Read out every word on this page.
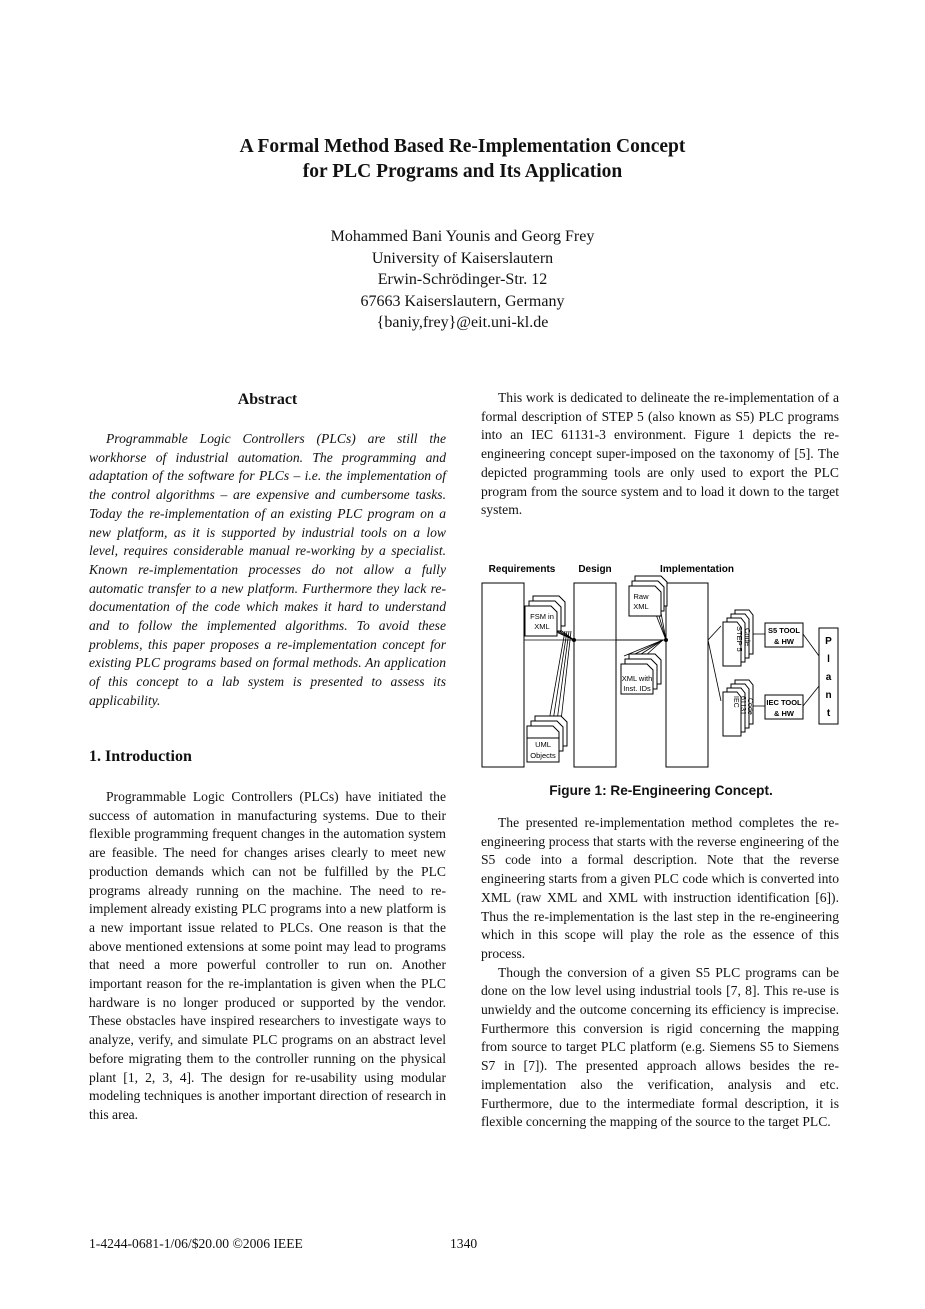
A Formal Method Based Re-Implementation Concept
for PLC Programs and Its Application
Mohammed Bani Younis and Georg Frey
University of Kaiserslautern
Erwin-Schrödinger-Str. 12
67663 Kaiserslautern, Germany
{baniy,frey}@eit.uni-kl.de
Abstract

Programmable Logic Controllers (PLCs) are still the workhorse of industrial automation. The programming and adaptation of the software for PLCs – i.e. the implementation of the control algorithms – are expensive and cumbersome tasks. Today the re-implementation of an existing PLC program on a new platform, as it is supported by industrial tools on a low level, requires considerable manual re-working by a specialist. Known re-implementation processes do not allow a fully automatic transfer to a new platform. Furthermore they lack re-documentation of the code which makes it hard to understand and to follow the implemented algorithms. To avoid these problems, this paper proposes a re-implementation concept for existing PLC programs based on formal methods. An application of this concept to a lab system is presented to assess its applicability.

1. Introduction

Programmable Logic Controllers (PLCs) have initiated the success of automation in manufacturing systems. Due to their flexible programming frequent changes in the automation system are feasible. The need for changes arises clearly to meet new production demands which can not be fulfilled by the PLC programs already running on the machine. The need to re-implement already existing PLC programs into a new platform is a new important issue related to PLCs. One reason is that the above mentioned extensions at some point may lead to programs that need a more powerful controller to run on. Another important reason for the re-implantation is given when the PLC hardware is no longer produced or supported by the vendor. These obstacles have inspired researchers to investigate ways to analyze, verify, and simulate PLC programs on an abstract level before migrating them to the controller running on the physical plant [1, 2, 3, 4]. The design for re-usability using modular modeling techniques is another important direction of research in this area.

This work is dedicated to delineate the re-implementation of a formal description of STEP 5 (also known as S5) PLC programs into an IEC 61131-3 environment. Figure 1 depicts the re-engineering concept super-imposed on the taxonomy of [5]. The depicted programming tools are only used to export the PLC program from the source system and to load it down to the target system.

Requirements Design	Implementation
Raw
XML
FSM in
XML
XML with
Inst. IDs
UML
Objects
STEP 5 Code
IEC 61131 Code
S5 TOOL
& HW
IEC TOOL
& HW
P
l
a
n
t
Figure 1: Re-Engineering Concept.

The presented re-implementation method completes the re-engineering process that starts with the reverse engineering of the S5 code into a formal description. Note that the reverse engineering starts from a given PLC code which is converted into XML (raw XML and XML with instruction identification [6]). Thus the re-implementation is the last step in the re-engineering which in this scope will play the role as the essence of this process.

Though the conversion of a given S5 PLC programs can be done on the low level using industrial tools [7, 8]. This re-use is unwieldy and the outcome concerning its efficiency is imprecise. Furthermore this conversion is rigid concerning the mapping from source to target PLC platform (e.g. Siemens S5 to Siemens S7 in [7]). The presented approach allows besides the re-implementation also the verification, analysis and etc. Furthermore, due to the intermediate formal description, it is flexible concerning the mapping of the source to the target PLC.

1-4244-0681-1/06/$20.00 ©2006 IEEE	1340
